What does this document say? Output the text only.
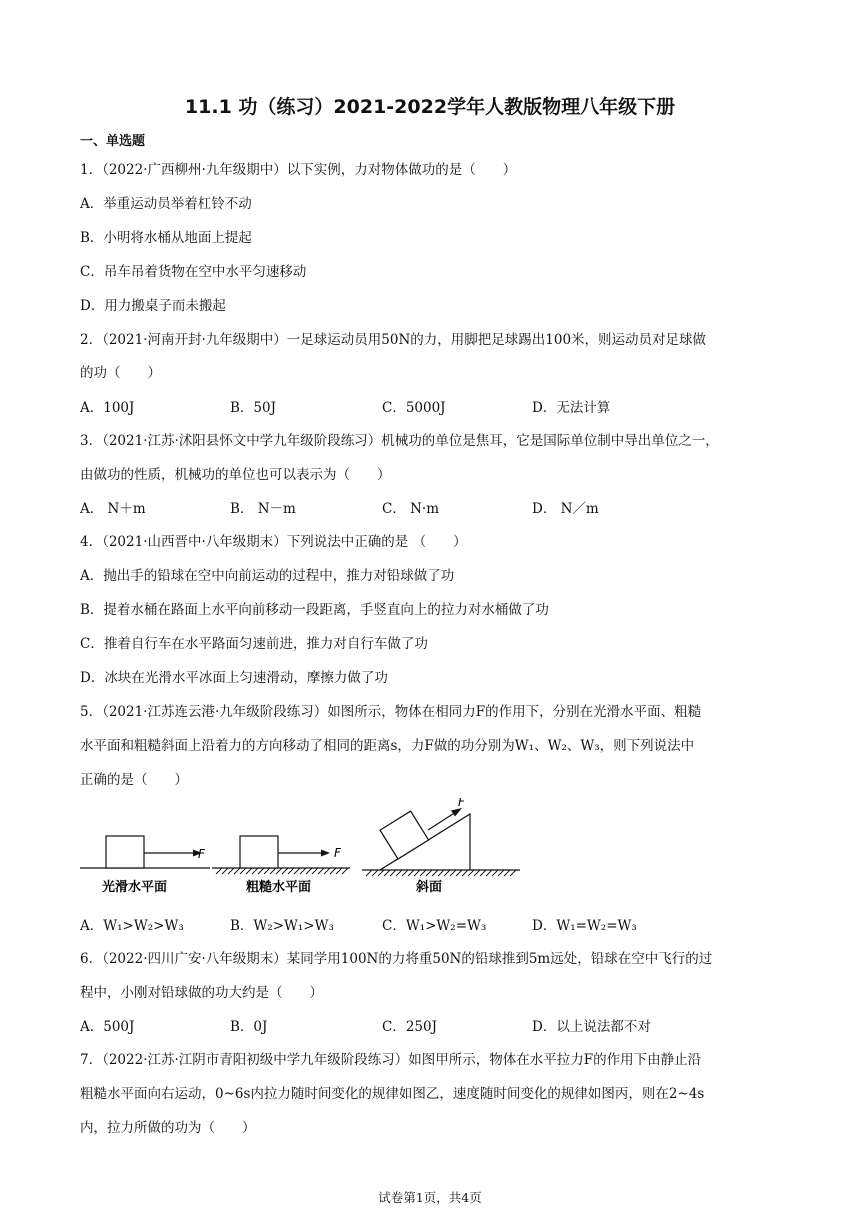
11.1 功（练习）2021-2022学年人教版物理八年级下册
一、单选题
1．（2022·广西柳州·九年级期中）以下实例，力对物体做功的是（　　）
A．举重运动员举着杠铃不动
B．小明将水桶从地面上提起
C．吊车吊着货物在空中水平匀速移动
D．用力搬桌子而未搬起
2．（2021·河南开封·九年级期中）一足球运动员用50N的力，用脚把足球踢出100米，则运动员对足球做
的功（　　）
A．100J	B．50J	C．5000J	D．无法计算
3．（2021·江苏·沭阳县怀文中学九年级阶段练习）机械功的单位是焦耳，它是国际单位制中导出单位之一，
由做功的性质，机械功的单位也可以表示为（　　）
A． N＋m	B． N－m	C． N·m	D． N／m
4．（2021·山西晋中·八年级期末）下列说法中正确的是 （　　）
A．抛出手的铅球在空中向前运动的过程中，推力对铅球做了功
B．提着水桶在路面上水平向前移动一段距离，手竖直向上的拉力对水桶做了功
C．推着自行车在水平路面匀速前进，推力对自行车做了功
D．冰块在光滑水平冰面上匀速滑动，摩擦力做了功
5．（2021·江苏连云港·九年级阶段练习）如图所示，物体在相同力F的作用下，分别在光滑水平面、粗糙
水平面和粗糙斜面上沿着力的方向移动了相同的距离s，力F做的功分别为W₁、W₂、W₃，则下列说法中
正确的是（　　）
F
光滑水平面
F
粗糙水平面
F
斜面
A．W₁>W₂>W₃	B．W₂>W₁>W₃	C．W₁>W₂=W₃	D．W₁=W₂=W₃
6．（2022·四川广安·八年级期末）某同学用100N的力将重50N的铅球推到5m远处，铅球在空中飞行的过
程中，小刚对铅球做的功大约是（　　）
A．500J	B．0J	C．250J	D．以上说法都不对
7．（2022·江苏·江阴市青阳初级中学九年级阶段练习）如图甲所示，物体在水平拉力F的作用下由静止沿
粗糙水平面向右运动，0~6s内拉力随时间变化的规律如图乙，速度随时间变化的规律如图丙，则在2~4s
内，拉力所做的功为（　　）
试卷第1页，共4页
